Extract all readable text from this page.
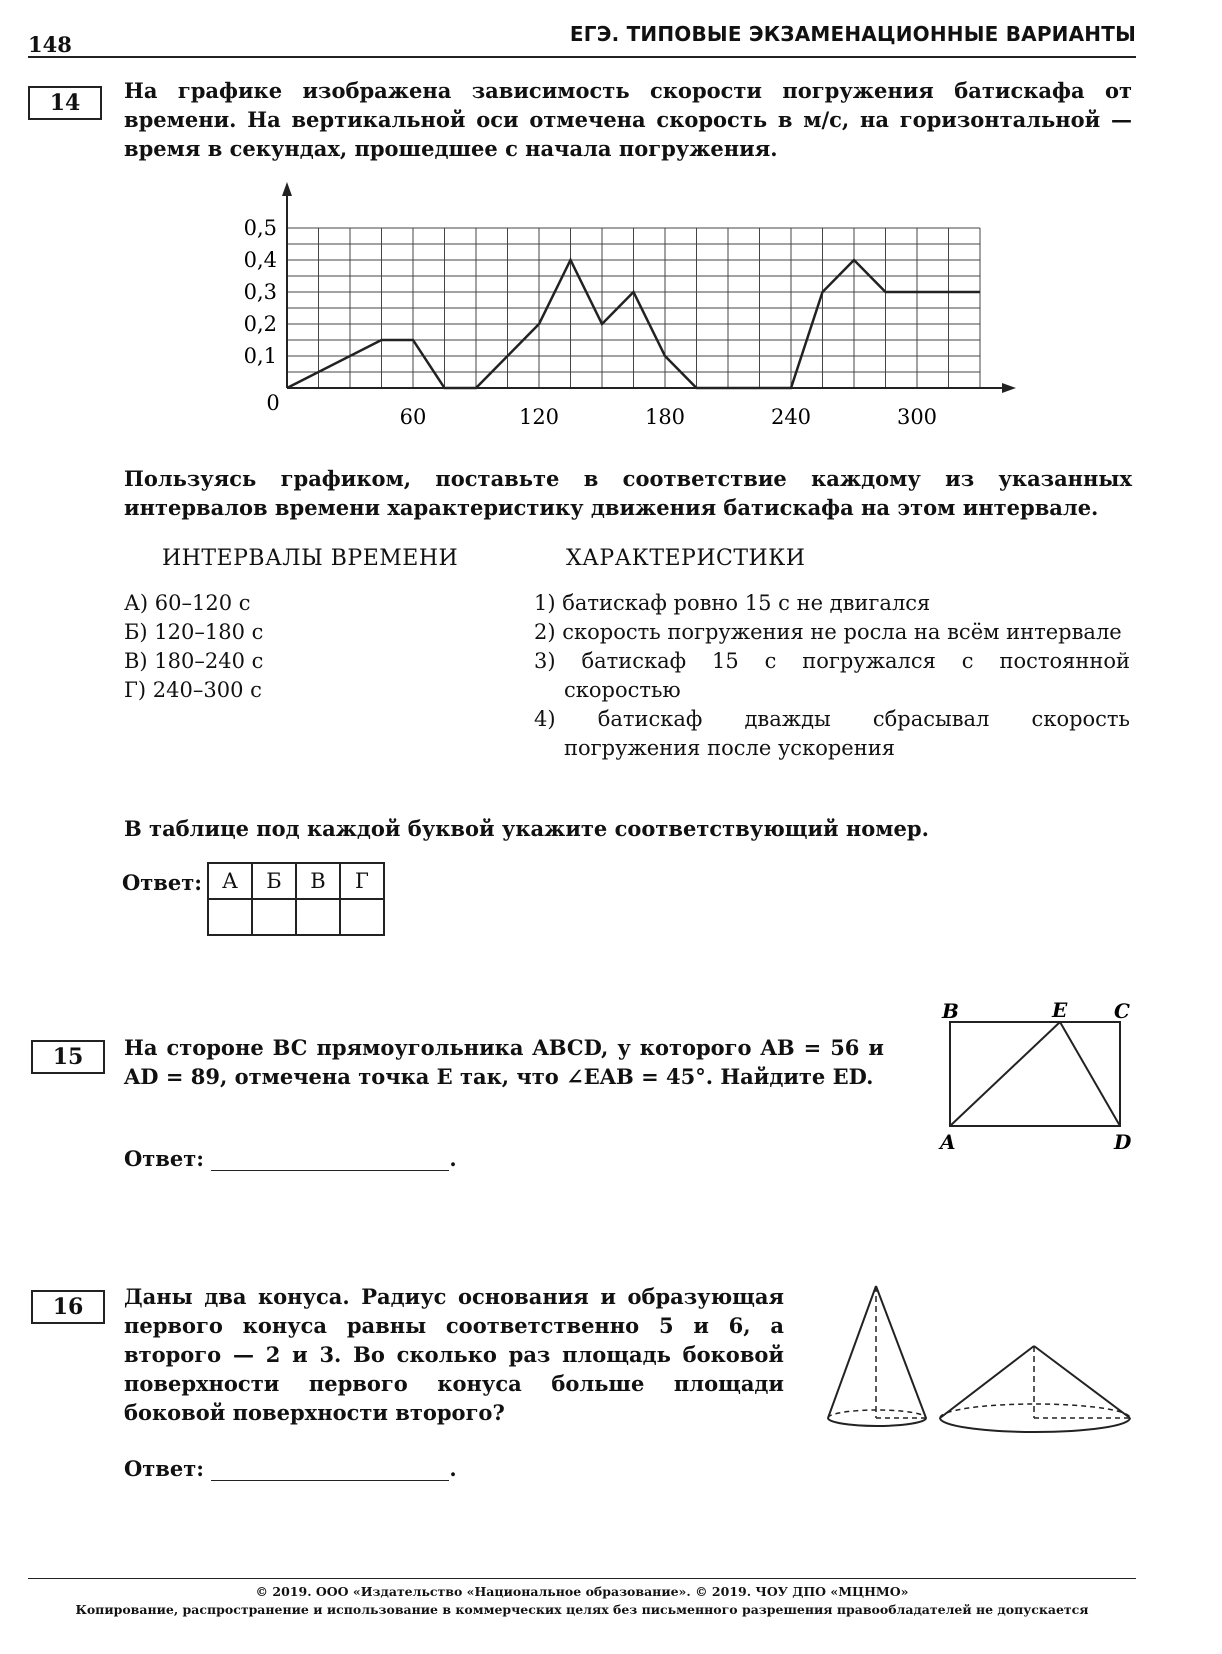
148	ЕГЭ. ТИПОВЫЕ ЭКЗАМЕНАЦИОННЫЕ ВАРИАНТЫ
14	На графике изображена зависимость скорости погружения батискафа от времени. На вертикальной оси отмечена скорость в м/с, на горизонтальной — время в секундах, прошедшее с начала погружения.
60	120	180	240	300
0,1
0,2
0,3
0,4
0,5
0
Пользуясь графиком, поставьте в соответствие каждому из указанных интервалов времени характеристику движения батискафа на этом интервале.
ИНТЕРВАЛЫ ВРЕМЕНИ	ХАРАКТЕРИСТИКИ
А) 60–120 с
Б) 120–180 с
В) 180–240 с
Г) 240–300 с
1) батискаф ровно 15 с не двигался
2) скорость погружения не росла на всём интервале
3) батискаф 15 с погружался с постоянной скоростью
4) батискаф дважды сбрасывал скорость погружения после ускорения
В таблице под каждой буквой укажите соответствующий номер.
Ответ: А	Б	В	Г

15	На стороне BC прямоугольника ABCD, у которого AB = 56 и AD = 89, отмечена точка E так, что ∠EAB = 45°. Найдите ED.
Ответ:	.
B	E C
A	D
16	Даны два конуса. Радиус основания и образующая первого конуса равны соответственно 5 и 6, а второго — 2 и 3. Во сколько раз площадь боковой поверхности первого конуса больше площади боковой поверхности второго?
Ответ:	.
© 2019. ООО «Издательство «Национальное образование». © 2019. ЧОУ ДПО «МЦНМО»
Копирование, распространение и использование в коммерческих целях без письменного разрешения правообладателей не допускается
